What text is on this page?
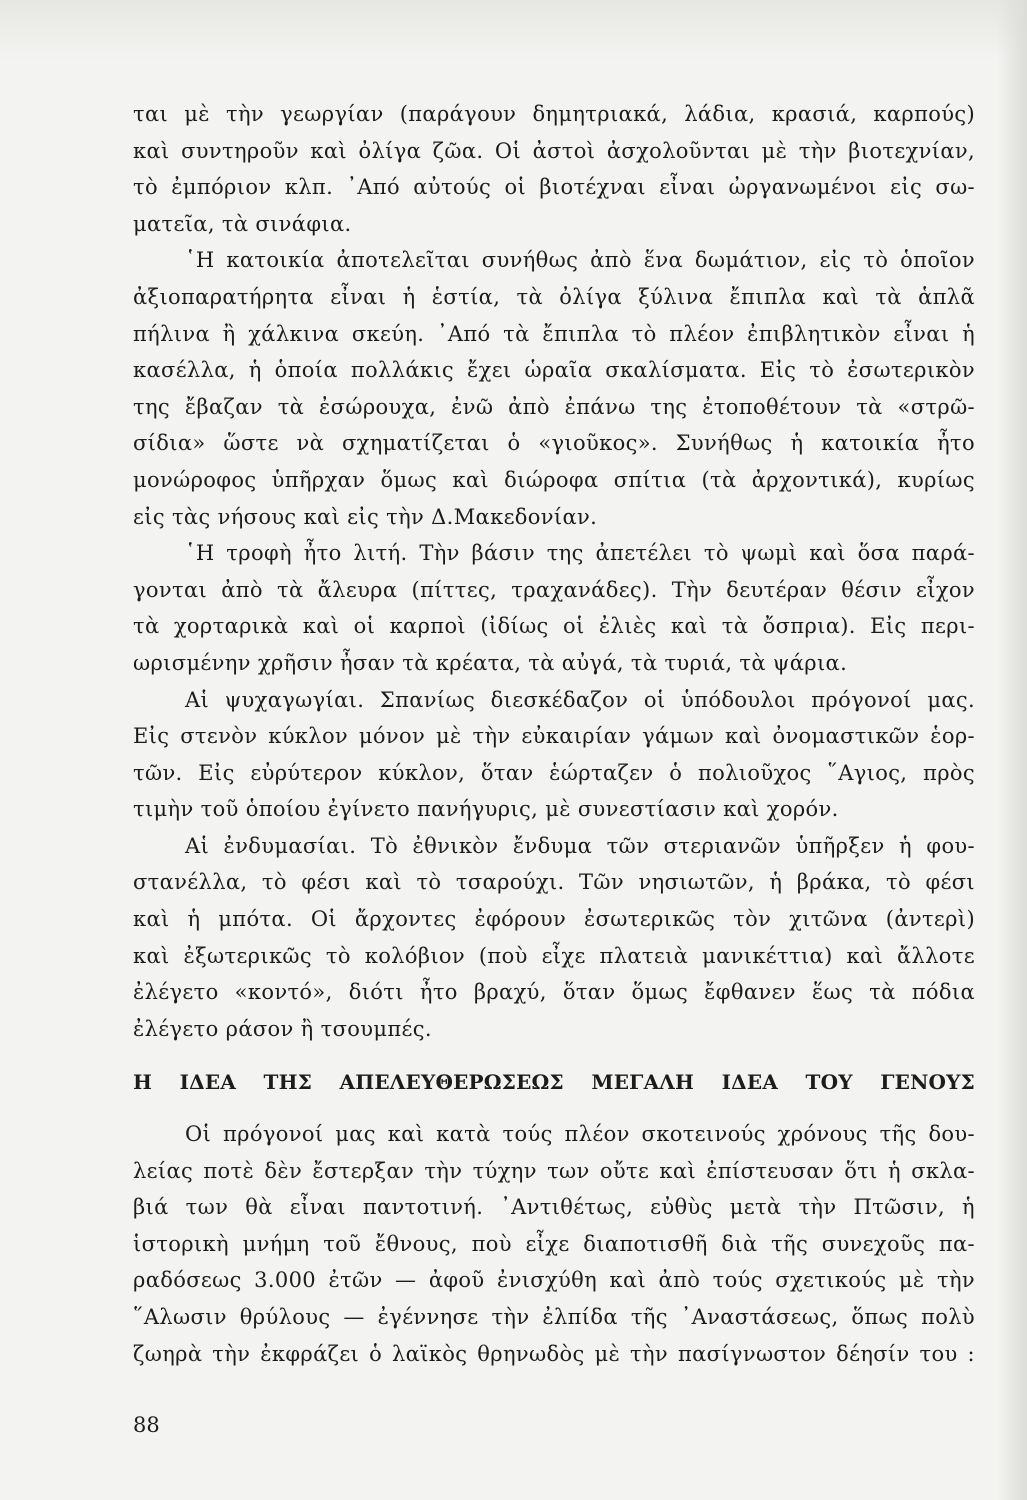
ται μὲ τὴν γεωργίαν (παράγουν δημητριακά, λάδια, κρασιά, καρπούς)
καὶ συντηροῦν καὶ ὀλίγα ζῶα. Οἱ ἀστοὶ ἀσχολοῦνται μὲ τὴν βιοτεχνίαν,
τὸ ἐμπόριον κλπ. ᾿Από αὐτούς οἱ βιοτέχναι εἶναι ὠργανωμένοι εἰς σω-
ματεῖα, τὰ σινάφια.
῾Η κατοικία ἀποτελεῖται συνήθως ἀπὸ ἕνα δωμάτιον, εἰς τὸ ὁποῖον
ἀξιοπαρατήρητα εἶναι ἡ ἑστία, τὰ ὀλίγα ξύλινα ἔπιπλα καὶ τὰ ἁπλᾶ
πήλινα ἢ χάλκινα σκεύη. ᾿Από τὰ ἔπιπλα τὸ πλέον ἐπιβλητικὸν εἶναι ἡ
κασέλλα, ἡ ὁποία πολλάκις ἔχει ὡραῖα σκαλίσματα. Εἰς τὸ ἐσωτερικὸν
της ἔβαζαν τὰ ἐσώρουχα, ἐνῶ ἀπὸ ἐπάνω της ἐτοποθέτουν τὰ «στρῶ-
σίδια» ὥστε νὰ σχηματίζεται ὁ «γιοῦκος». Συνήθως ἡ κατοικία ἦτο
μονώροφος ὑπῆρχαν ὅμως καὶ διώροφα σπίτια (τὰ ἀρχοντικά), κυρίως
εἰς τὰς νήσους καὶ εἰς τὴν Δ.Μακεδονίαν.
῾Η τροφὴ ἦτο λιτή. Τὴν βάσιν της ἀπετέλει τὸ ψωμὶ καὶ ὅσα παρά-
γονται ἀπὸ τὰ ἄλευρα (πίττες, τραχανάδες). Τὴν δευτέραν θέσιν εἶχον
τὰ χορταρικὰ καὶ οἱ καρποὶ (ἰδίως οἱ ἐλιὲς καὶ τὰ ὄσπρια). Εἰς περι-
ωρισμένην χρῆσιν ἦσαν τὰ κρέατα, τὰ αὐγά, τὰ τυριά, τὰ ψάρια.
Αἱ ψυχαγωγίαι. Σπανίως διεσκέδαζον οἱ ὑπόδουλοι πρόγονοί μας.
Εἰς στενὸν κύκλον μόνον μὲ τὴν εὐκαιρίαν γάμων καὶ ὀνομαστικῶν ἑορ-
τῶν. Εἰς εὐρύτερον κύκλον, ὅταν ἑώρταζεν ὁ πολιοῦχος ῞Αγιος, πρὸς
τιμὴν τοῦ ὁποίου ἐγίνετο πανήγυρις, μὲ συνεστίασιν καὶ χορόν.
Αἱ ἐνδυμασίαι. Τὸ ἐθνικὸν ἔνδυμα τῶν στεριανῶν ὑπῆρξεν ἡ φου-
στανέλλα, τὸ φέσι καὶ τὸ τσαρούχι. Τῶν νησιωτῶν, ἡ βράκα, τὸ φέσι
καὶ ἡ μπότα. Οἱ ἄρχοντες ἐφόρουν ἐσωτερικῶς τὸν χιτῶνα (ἀντερὶ)
καὶ ἐξωτερικῶς τὸ κολόβιον (ποὺ εἶχε πλατειὰ μανικέττια) καὶ ἄλλοτε
ἐλέγετο «κοντό», διότι ἦτο βραχύ, ὅταν ὅμως ἔφθανεν ἕως τὰ πόδια
ἐλέγετο ράσον ἢ τσουμπές.
Η ΙΔΕΑ ΤΗΣ ΑΠΕΛΕΥΘΕΡΩΣΕΩΣ ΜΕΓΑΛΗ ΙΔΕΑ ΤΟΥ ΓΕΝΟΥΣ
Οἱ πρόγονοί μας καὶ κατὰ τούς πλέον σκοτεινούς χρόνους τῆς δου-
λείας ποτὲ δὲν ἔστερξαν τὴν τύχην των οὔτε καὶ ἐπίστευσαν ὅτι ἡ σκλα-
βιά των θὰ εἶναι παντοτινή. ᾿Αντιθέτως, εὐθὺς μετὰ τὴν Πτῶσιν, ἡ
ἱστορικὴ μνήμη τοῦ ἔθνους, ποὺ εἶχε διαποτισθῆ διὰ τῆς συνεχοῦς πα-
ραδόσεως 3.000 ἐτῶν — ἀφοῦ ἐνισχύθη καὶ ἀπὸ τούς σχετικούς μὲ τὴν
῞Αλωσιν θρύλους — ἐγέννησε τὴν ἐλπίδα τῆς ᾿Αναστάσεως, ὅπως πολὺ
ζωηρὰ τὴν ἐκφράζει ὁ λαϊκὸς θρηνωδὸς μὲ τὴν πασίγνωστον δέησίν του :
88
